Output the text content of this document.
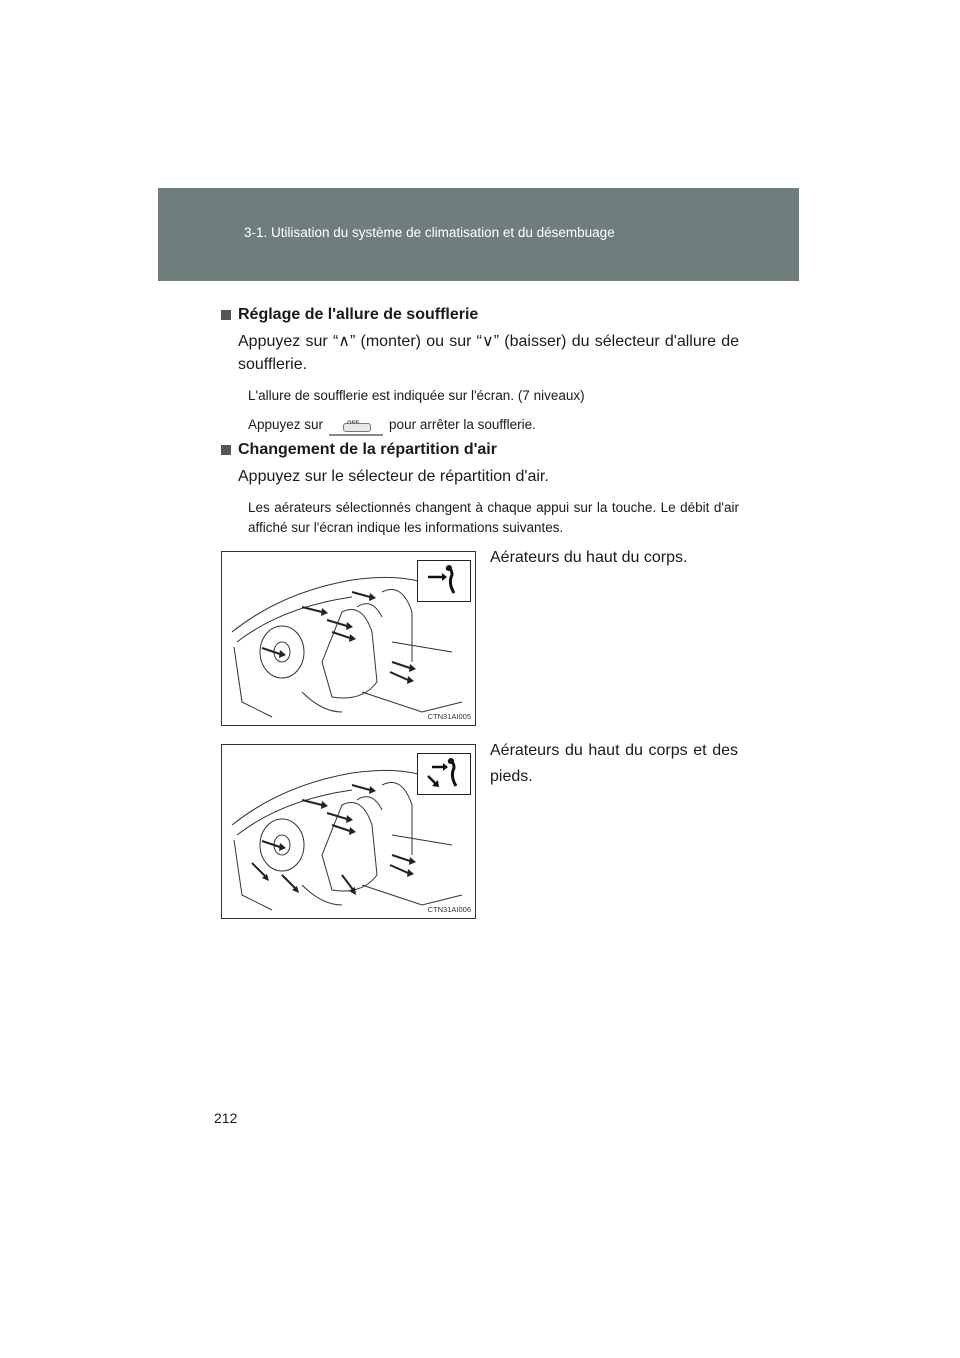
3-1. Utilisation du système de climatisation et du désembuage
Réglage de l'allure de soufflerie
Appuyez sur “∧” (monter) ou sur “∨” (baisser) du sélecteur d'allure de soufflerie.
L'allure de soufflerie est indiquée sur l'écran. (7 niveaux)
Appuyez sur	pour arrêter la soufflerie.
Changement de la répartition d'air
Appuyez sur le sélecteur de répartition d'air.
Les aérateurs sélectionnés changent à chaque appui sur la touche. Le débit d'air affiché sur l'écran indique les informations suivantes.
CTN31AI005
Aérateurs du haut du corps.
CTN31AI006
Aérateurs du haut du corps et des pieds.
212
